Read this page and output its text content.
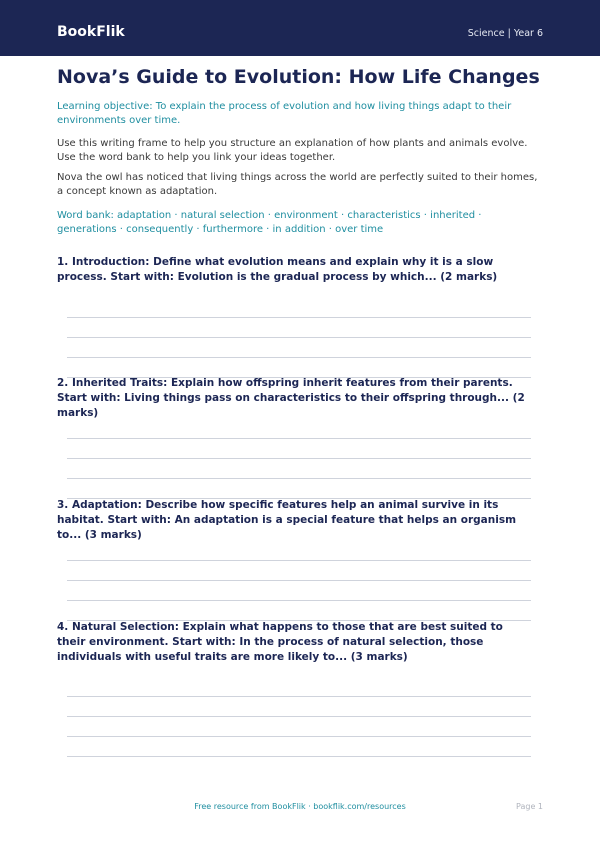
BookFlik	Science | Year 6
Nova’s Guide to Evolution: How Life Changes

Learning objective: To explain the process of evolution and how living things adapt to their environments over time.

Use this writing frame to help you structure an explanation of how plants and animals evolve. Use the word bank to help you link your ideas together.

Nova the owl has noticed that living things across the world are perfectly suited to their homes, a concept known as adaptation.

Word bank: adaptation · natural selection · environment · characteristics · inherited · generations · consequently · furthermore · in addition · over time

1. Introduction: Define what evolution means and explain why it is a slow process. Start with: Evolution is the gradual process by which... (2 marks)

2. Inherited Traits: Explain how offspring inherit features from their parents. Start with: Living things pass on characteristics to their offspring through... (2 marks)

3. Adaptation: Describe how specific features help an animal survive in its habitat. Start with: An adaptation is a special feature that helps an organism to... (3 marks)

4. Natural Selection: Explain what happens to those that are best suited to their environment. Start with: In the process of natural selection, those individuals with useful traits are more likely to... (3 marks)

Free resource from BookFlik · bookflik.com/resources	Page 1
